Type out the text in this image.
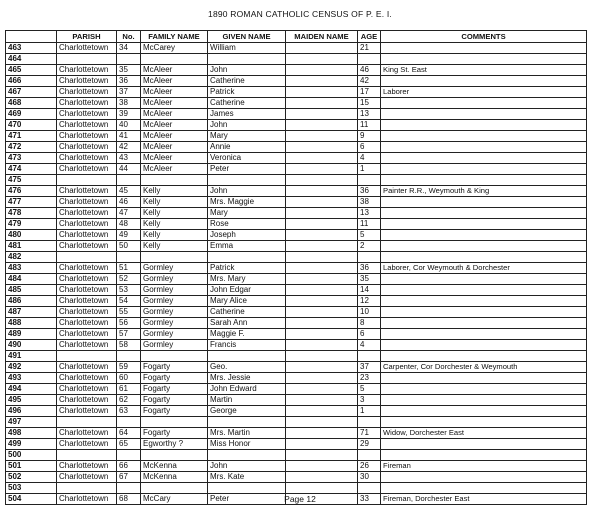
1890 ROMAN CATHOLIC CENSUS OF P. E. I.
	PARISH	No.	FAMILY NAME	GIVEN NAME	MAIDEN NAME	AGE	COMMENTS
463	Charlottetown	34	McCarey	William		21	
464							
465	Charlottetown	35	McAleer	John		46	King St. East
466	Charlottetown	36	McAleer	Catherine		42	
467	Charlottetown	37	McAleer	Patrick		17	Laborer
468	Charlottetown	38	McAleer	Catherine		15	
469	Charlottetown	39	McAleer	James		13	
470	Charlottetown	40	McAleer	John		11	
471	Charlottetown	41	McAleer	Mary		9	
472	Charlottetown	42	McAleer	Annie		6	
473	Charlottetown	43	McAleer	Veronica		4	
474	Charlottetown	44	McAleer	Peter		1	
475							
476	Charlottetown	45	Kelly	John		36	Painter R.R., Weymouth & King
477	Charlottetown	46	Kelly	Mrs. Maggie		38	
478	Charlottetown	47	Kelly	Mary		13	
479	Charlottetown	48	Kelly	Rose		11	
480	Charlottetown	49	Kelly	Joseph		5	
481	Charlottetown	50	Kelly	Emma		2	
482							
483	Charlottetown	51	Gormley	Patrick		36	Laborer, Cor Weymouth & Dorchester
484	Charlottetown	52	Gormley	Mrs. Mary		35	
485	Charlottetown	53	Gormley	John Edgar		14	
486	Charlottetown	54	Gormley	Mary Alice		12	
487	Charlottetown	55	Gormley	Catherine		10	
488	Charlottetown	56	Gormley	Sarah Ann		8	
489	Charlottetown	57	Gormley	Maggie F.		6	
490	Charlottetown	58	Gormley	Francis		4	
491							
492	Charlottetown	59	Fogarty	Geo.		37	Carpenter, Cor Dorchester & Weymouth
493	Charlottetown	60	Fogarty	Mrs. Jessie		23	
494	Charlottetown	61	Fogarty	John Edward		5	
495	Charlottetown	62	Fogarty	Martin		3	
496	Charlottetown	63	Fogarty	George		1	
497							
498	Charlottetown	64	Fogarty	Mrs. Martin		71	Widow, Dorchester East
499	Charlottetown	65	Egworthy ?	Miss Honor		29	
500							
501	Charlottetown	66	McKenna	John		26	Fireman
502	Charlottetown	67	McKenna	Mrs. Kate		30	
503							
504	Charlottetown	68	McCary	Peter		33	Fireman, Dorchester East
Page 12
